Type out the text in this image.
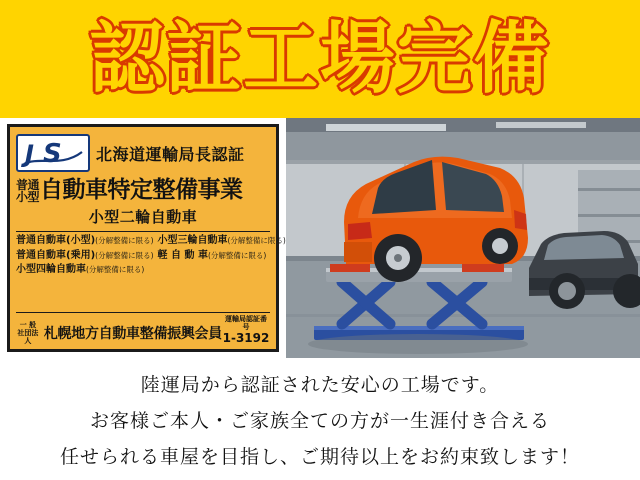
認証工場完備
J S 北海道運輸局長認証
普通
小型自動車特定整備事業
小型二輪自動車
普通自動車(小型)(分解整備に限る) 小型三輪自動車(分解整備に限る)
普通自動車(乗用)(分解整備に限る) 軽 自 動 車(分解整備に限る)
小型四輪自動車(分解整備に限る)
一 般
社団法人 札幌地方自動車整備振興会員
運輸局認証番号
1-3192
陸運局から認証された安心の工場です。
お客様ご本人・ご家族全ての方が一生涯付き合える
任せられる車屋を目指し、ご期待以上をお約束致します！
